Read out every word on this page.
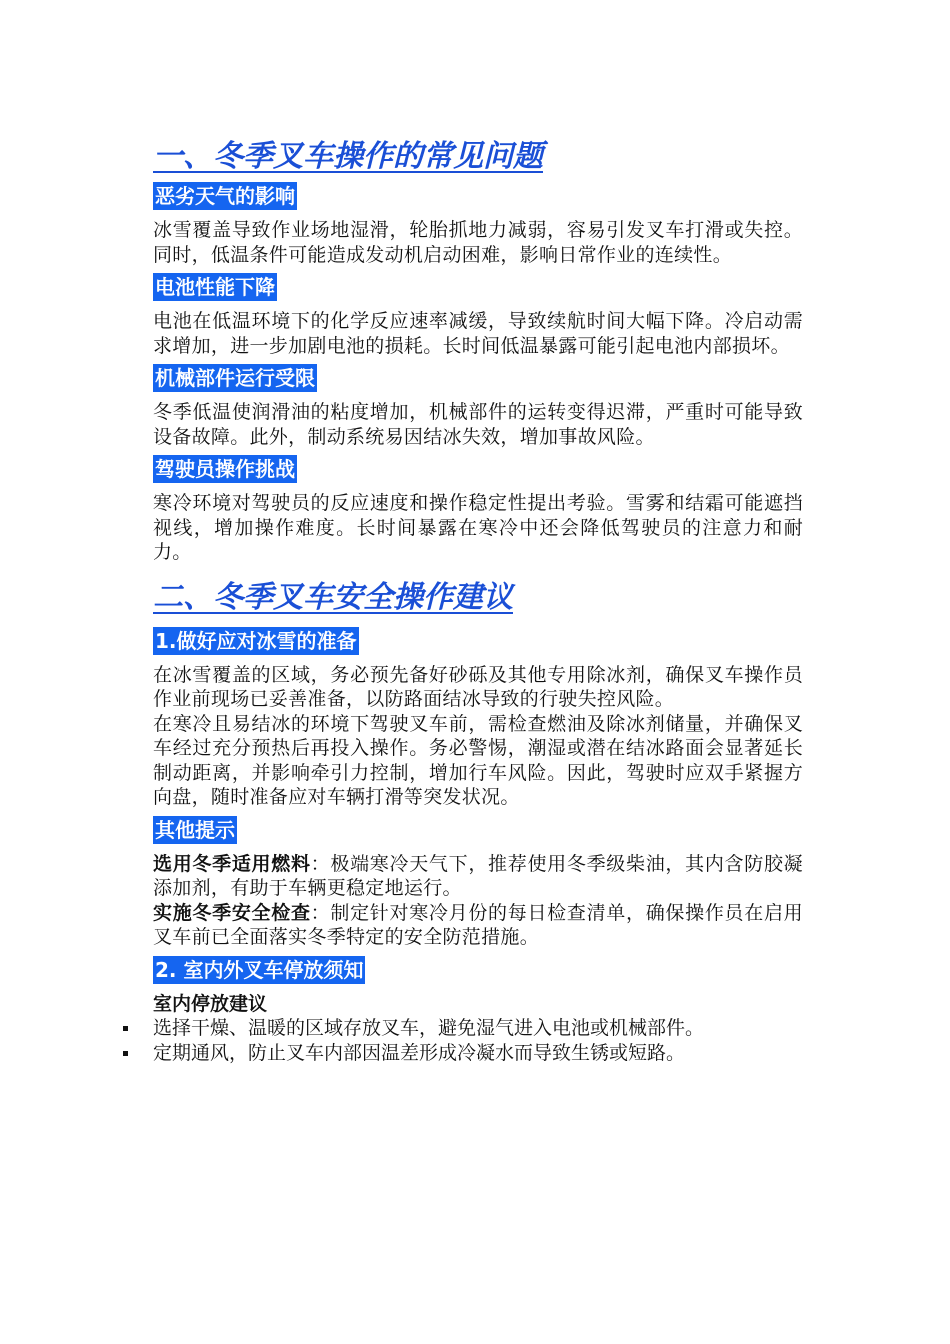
一、冬季叉车操作的常见问题
恶劣天气的影响

冰雪覆盖导致作业场地湿滑，轮胎抓地力减弱，容易引发叉车打滑或失控。同时，低温条件可能造成发动机启动困难，影响日常作业的连续性。

电池性能下降

电池在低温环境下的化学反应速率减缓，导致续航时间大幅下降。冷启动需求增加，进一步加剧电池的损耗。长时间低温暴露可能引起电池内部损坏。

机械部件运行受限

冬季低温使润滑油的粘度增加，机械部件的运转变得迟滞，严重时可能导致设备故障。此外，制动系统易因结冰失效，增加事故风险。

驾驶员操作挑战

寒冷环境对驾驶员的反应速度和操作稳定性提出考验。雪雾和结霜可能遮挡视线，增加操作难度。长时间暴露在寒冷中还会降低驾驶员的注意力和耐力。

二、冬季叉车安全操作建议
1.做好应对冰雪的准备

在冰雪覆盖的区域，务必预先备好砂砾及其他专用除冰剂，确保叉车操作员作业前现场已妥善准备，以防路面结冰导致的行驶失控风险。

在寒冷且易结冰的环境下驾驶叉车前，需检查燃油及除冰剂储量，并确保叉车经过充分预热后再投入操作。务必警惕，潮湿或潜在结冰路面会显著延长制动距离，并影响牵引力控制，增加行车风险。因此，驾驶时应双手紧握方向盘，随时准备应对车辆打滑等突发状况。

其他提示

选用冬季适用燃料：极端寒冷天气下，推荐使用冬季级柴油，其内含防胶凝添加剂，有助于车辆更稳定地运行。

实施冬季安全检查：制定针对寒冷月份的每日检查清单，确保操作员在启用叉车前已全面落实冬季特定的安全防范措施。

2. 室内外叉车停放须知

室内停放建议

选择干燥、温暖的区域存放叉车，避免湿气进入电池或机械部件。
定期通风，防止叉车内部因温差形成冷凝水而导致生锈或短路。
